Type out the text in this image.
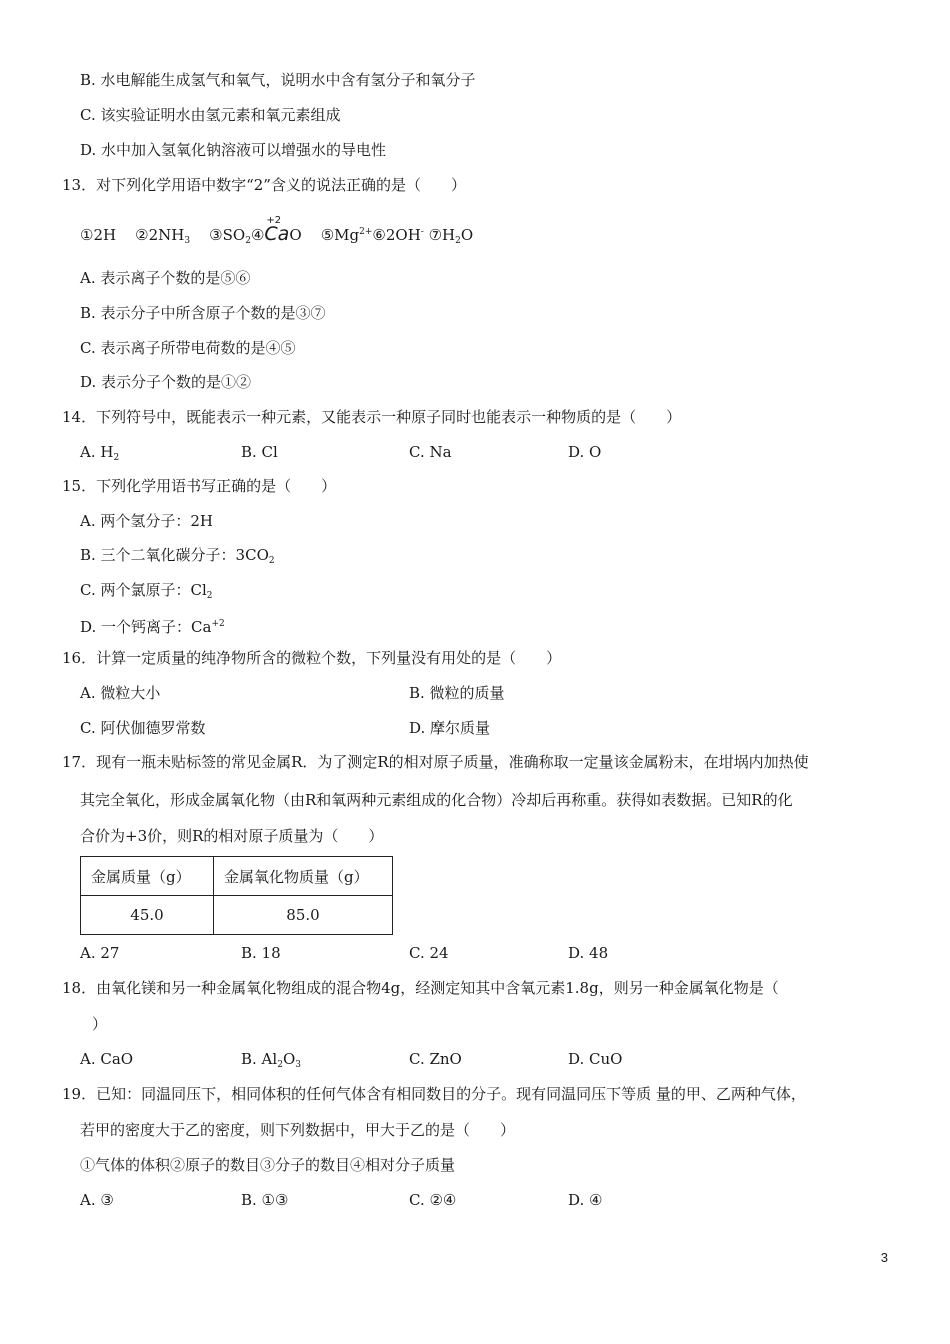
B. 水电解能生成氢气和氧气，说明水中含有氢分子和氧分子
C. 该实验证明水由氢元素和氧元素组成
D. 水中加入氢氧化钠溶液可以增强水的导电性
13．对下列化学用语中数字“2”含义的说法正确的是（　　）
①2H $②2NH_3$ $③SO_2④$
+2
CaO $⑤Mg^{2+}⑥2OH^-$ $⑦H_2O$
A. 表示离子个数的是⑤⑥
B. 表示分子中所含原子个数的是③⑦
C. 表示离子所带电荷数的是④⑤
D. 表示分子个数的是①②
14．下列符号中，既能表示一种元素，又能表示一种原子同时也能表示一种物质的是（　　）
A. $H_2$	B. Cl	C. Na	D. O
15．下列化学用语书写正确的是（　　）
A. 两个氢分子：2H
B. 三个二氧化碳分子：$3CO_2$
C. 两个氯原子：$Cl_2$
D. 一个钙离子：$Ca^{+2}$
16．计算一定质量的纯净物所含的微粒个数，下列量没有用处的是（　　）
A. 微粒大小	B. 微粒的质量
C. 阿伏伽德罗常数	D. 摩尔质量
17．现有一瓶未贴标签的常见金属R．为了测定R的相对原子质量，准确称取一定量该金属粉末，在坩埚内加热使
其完全氧化，形成金属氧化物（由R和氧两种元素组成的化合物）冷却后再称重。获得如表数据。已知R的化
合价为+3价，则R的相对原子质量为（　　）
金属质量（g）	金属氧化物质量（g）
45.0	85.0
A. 27	B. 18	C. 24	D. 48
18．由氧化镁和另一种金属氧化物组成的混合物4g，经测定知其中含氧元素1.8g，则另一种金属氧化物是（
）
A. CaO	B. $Al_2O_3$	C. ZnO	D. CuO
19．已知：同温同压下，相同体积的任何气体含有相同数目的分子。现有同温同压下等质 量的甲、乙两种气体，
若甲的密度大于乙的密度，则下列数据中，甲大于乙的是（　　）
①气体的体积②原子的数目③分子的数目④相对分子质量
A. ③	B. ①③	C. ②④	D. ④
3
